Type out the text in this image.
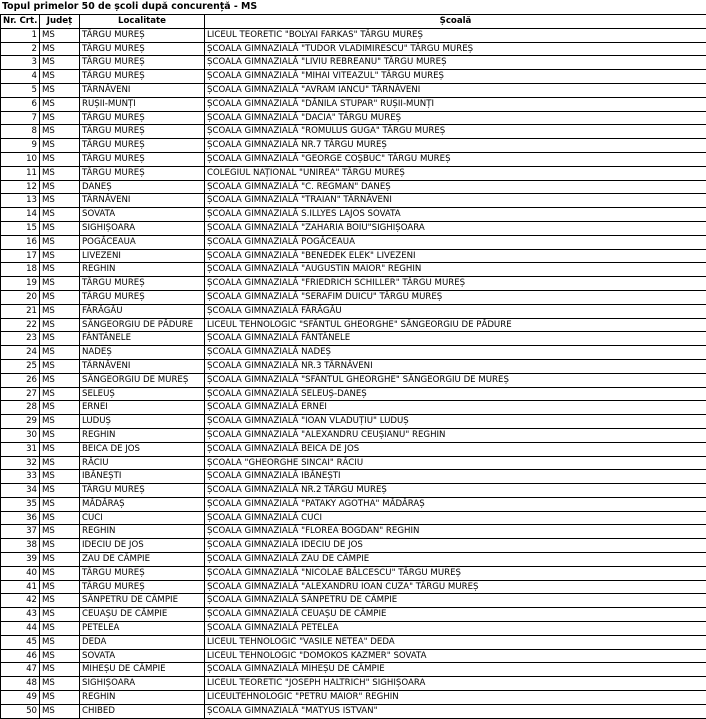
Topul primelor 50 de școli după concurență - MS
Nr. Crt.	Județ	Localitate	Școală
1	MS	TÂRGU MUREȘ	LICEUL TEORETIC "BOLYAI FARKAS" TÂRGU MUREȘ
2	MS	TÂRGU MUREȘ	ȘCOALA GIMNAZIALĂ "TUDOR VLADIMIRESCU" TÂRGU MUREȘ
3	MS	TÂRGU MUREȘ	ȘCOALA GIMNAZIALĂ "LIVIU REBREANU" TÂRGU MUREȘ
4	MS	TÂRGU MUREȘ	ȘCOALA GIMNAZIALĂ "MIHAI VITEAZUL" TÂRGU MUREȘ
5	MS	TÂRNĂVENI	ȘCOALA GIMNAZIALĂ "AVRAM IANCU" TÂRNĂVENI
6	MS	RUȘII-MUNȚI	ȘCOALA GIMNAZIALĂ "DĂNILA STUPAR" RUȘII-MUNȚI
7	MS	TÂRGU MUREȘ	ȘCOALA GIMNAZIALĂ "DACIA" TÂRGU MUREȘ
8	MS	TÂRGU MUREȘ	ȘCOALA GIMNAZIALĂ "ROMULUS GUGA" TÂRGU MUREȘ
9	MS	TÂRGU MUREȘ	ȘCOALA GIMNAZIALĂ NR.7 TÂRGU MUREȘ
10	MS	TÂRGU MUREȘ	ȘCOALA GIMNAZIALĂ "GEORGE COȘBUC" TÂRGU MUREȘ
11	MS	TÂRGU MUREȘ	COLEGIUL NAȚIONAL "UNIREA" TÂRGU MUREȘ
12	MS	DANEȘ	ȘCOALA GIMNAZIALĂ "C. REGMAN" DANEȘ
13	MS	TÂRNĂVENI	ȘCOALA GIMNAZIALĂ "TRAIAN" TÂRNĂVENI
14	MS	SOVATA	ȘCOALA GIMNAZIALĂ S.ILLYES LAJOS SOVATA
15	MS	SIGHIȘOARA	ȘCOALA GIMNAZIALĂ "ZAHARIA BOIU"SIGHIȘOARA
16	MS	POGĂCEAUA	ȘCOALA GIMNAZIALĂ POGĂCEAUA
17	MS	LIVEZENI	ȘCOALA GIMNAZIALĂ "BENEDEK ELEK" LIVEZENI
18	MS	REGHIN	ȘCOALA GIMNAZIALĂ "AUGUSTIN MAIOR" REGHIN
19	MS	TÂRGU MUREȘ	ȘCOALA GIMNAZIALĂ "FRIEDRICH SCHILLER" TÂRGU MUREȘ
20	MS	TÂRGU MUREȘ	ȘCOALA GIMNAZIALĂ "SERAFIM DUICU" TÂRGU MUREȘ
21	MS	FĂRĂGĂU	ȘCOALA GIMNAZIALĂ FĂRĂGĂU
22	MS	SÂNGEORGIU DE PĂDURE	LICEUL TEHNOLOGIC "SFÂNTUL GHEORGHE" SÂNGEORGIU DE PĂDURE
23	MS	FÂNTÂNELE	ȘCOALA GIMNAZIALĂ FÂNTÂNELE
24	MS	NADEȘ	ȘCOALA GIMNAZIALĂ NADEȘ
25	MS	TÂRNĂVENI	ȘCOALA GIMNAZIALĂ NR.3 TÂRNĂVENI
26	MS	SÂNGEORGIU DE MUREȘ	ȘCOALA GIMNAZIALĂ "SFÂNTUL GHEORGHE" SÂNGEORGIU DE MUREȘ
27	MS	SELEUȘ	ȘCOALA GIMNAZIALĂ SELEUȘ-DANEȘ
28	MS	ERNEI	ȘCOALA GIMNAZIALĂ ERNEI
29	MS	LUDUȘ	ȘCOALA GIMNAZIALĂ "IOAN VLADUȚIU" LUDUȘ
30	MS	REGHIN	ȘCOALA GIMNAZIALĂ "ALEXANDRU CEUȘIANU" REGHIN
31	MS	BEICA DE JOS	ȘCOALA GIMNAZIALĂ BEICA DE JOS
32	MS	RĂCIU	ȘCOALA "GHEORGHE SINCAI" RĂCIU
33	MS	IBĂNEȘTI	ȘCOALA GIMNAZIALĂ IBĂNEȘTI
34	MS	TÂRGU MUREȘ	ȘCOALA GIMNAZIALĂ NR.2 TÂRGU MUREȘ
35	MS	MĂDĂRAȘ	ȘCOALA GIMNAZIALĂ "PATAKY AGOTHA" MĂDĂRAȘ
36	MS	CUCI	ȘCOALA GIMNAZIALĂ CUCI
37	MS	REGHIN	ȘCOALA GIMNAZIALĂ "FLOREA BOGDAN" REGHIN
38	MS	IDECIU DE JOS	ȘCOALA GIMNAZIALĂ IDECIU DE JOS
39	MS	ZAU DE CÂMPIE	ȘCOALA GIMNAZIALĂ ZAU DE CÂMPIE
40	MS	TÂRGU MUREȘ	ȘCOALA GIMNAZIALĂ "NICOLAE BĂLCESCU" TÂRGU MUREȘ
41	MS	TÂRGU MUREȘ	ȘCOALA GIMNAZIALĂ "ALEXANDRU IOAN CUZA" TÂRGU MUREȘ
42	MS	SÂNPETRU DE CÂMPIE	ȘCOALA GIMNAZIALĂ SÂNPETRU DE CÂMPIE
43	MS	CEUAȘU DE CÂMPIE	ȘCOALA GIMNAZIALĂ CEUAȘU DE CÂMPIE
44	MS	PETELEA	ȘCOALA GIMNAZIALĂ PETELEA
45	MS	DEDA	LICEUL TEHNOLOGIC "VASILE NETEA" DEDA
46	MS	SOVATA	LICEUL TEHNOLOGIC "DOMOKOS KAZMER" SOVATA
47	MS	MIHEȘU DE CÂMPIE	ȘCOALA GIMNAZIALĂ MIHEȘU DE CÂMPIE
48	MS	SIGHIȘOARA	LICEUL TEORETIC "JOSEPH HALTRICH" SIGHIȘOARA
49	MS	REGHIN	LICEULTEHNOLOGIC "PETRU MAIOR" REGHIN
50	MS	CHIBED	ȘCOALA GIMNAZIALĂ "MATYUS ISTVAN"
